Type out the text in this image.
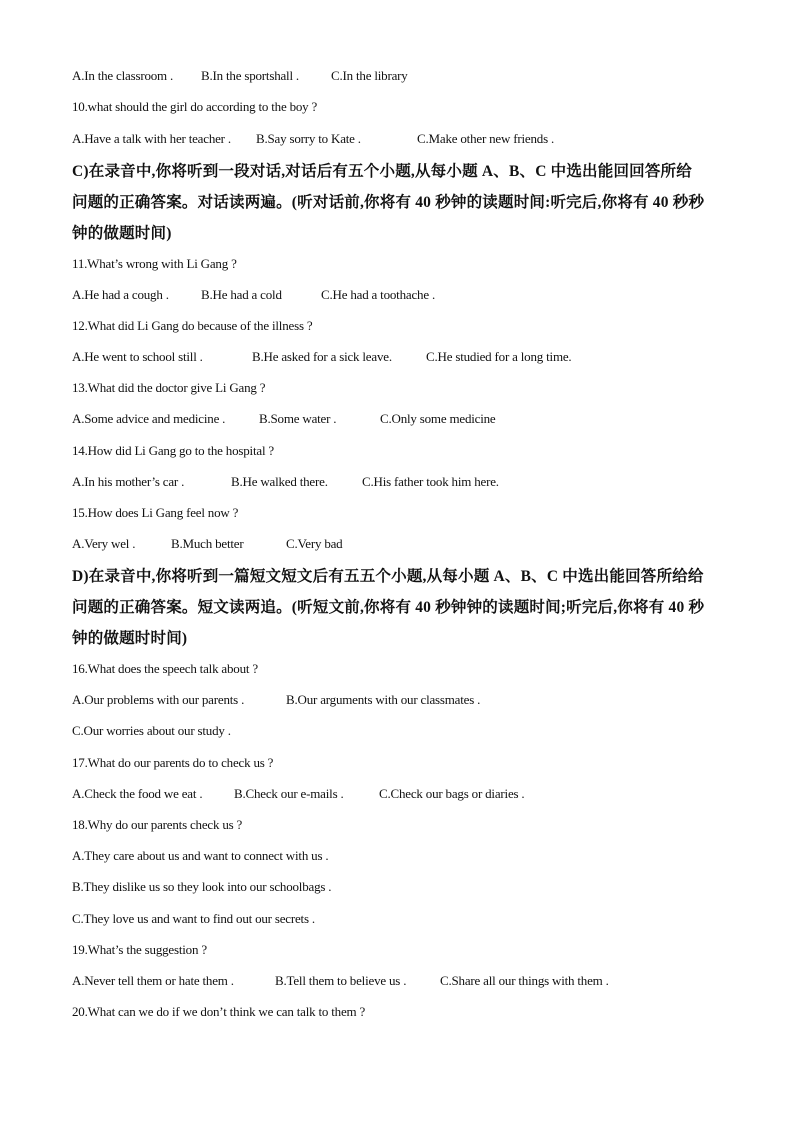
A.In the classroom . B.In the sportshall . C.In the library
10.what should the girl do according to the boy ?
A.Have a talk with her teacher . B.Say sorry to Kate .	C.Make other new friends .
C)在录音中,你将听到一段对话,对话后有五个小题,从每小题 A、B、C 中选出能回回答所给
问题的正确答案。对话读两遍。(听对话前,你将有 40 秒钟的读题时间:听完后,你将有 40 秒秒
钟的做题时间)
11.What’s wrong with Li Gang ?
A.He had a cough . B.He had a cold	C.He had a toothache .
12.What did Li Gang do because of the illness ?
A.He went to school still .	B.He asked for a sick leave.	C.He studied for a long time.
13.What did the doctor give Li Gang ?
A.Some advice and medicine .	B.Some water .	C.Only some medicine
14.How did Li Gang go to the hospital ?
A.In his mother’s car .	B.He walked there.	C.His father took him here.
15.How does Li Gang feel now ?
A.Very wel .	B.Much better	C.Very bad
D)在录音中,你将听到一篇短文短文后有五五个小题,从每小题 A、B、C 中选出能回答所给给
问题的正确答案。短文读两追。(听短文前,你将有 40 秒钟钟的读题时间;听完后,你将有 40 秒
钟的做题时时间)
16.What does the speech talk about ?
A.Our problems with our parents .	B.Our arguments with our classmates .
C.Our worries about our study .
17.What do our parents do to check us ?
A.Check the food we eat . B.Check our e-mails .	C.Check our bags or diaries .
18.Why do our parents check us ?
A.They care about us and want to connect with us .
B.They dislike us so they look into our schoolbags .
C.They love us and want to find out our secrets .
19.What’s the suggestion ?
A.Never tell them or hate them .	B.Tell them to believe us .	C.Share all our things with them .
20.What can we do if we don’t think we can talk to them ?
